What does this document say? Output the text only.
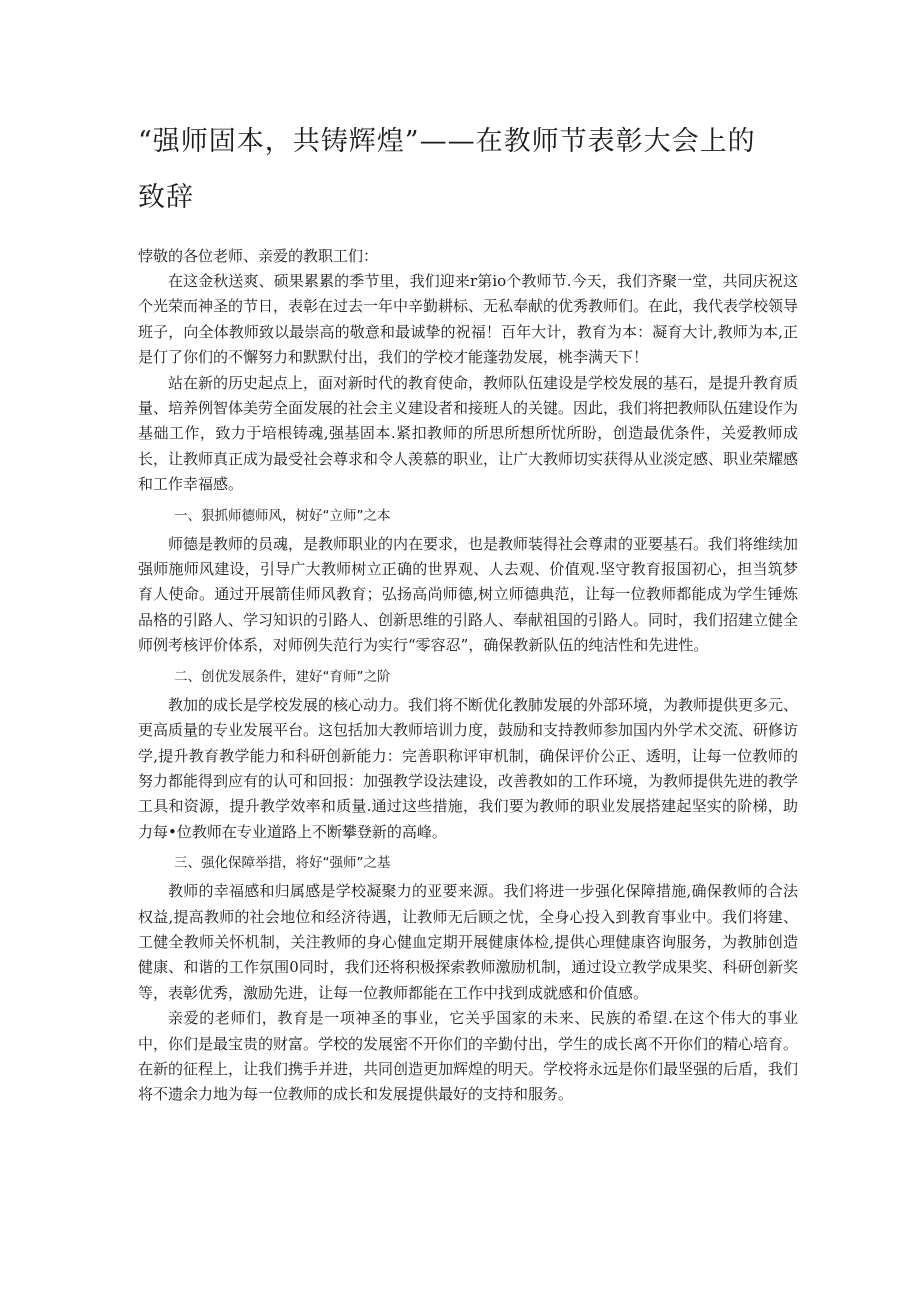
“强师固本，共铸辉煌”——在教师节表彰大会上的
致辞

悖敬的各位老师、亲爱的教职工们：

在这金秋送爽、硕果累累的季节里，我们迎来r第io个教师节.今天，我们齐聚一堂，共同庆祝这个光荣而神圣的节日，表彰在过去一年中辛勤耕标、无私奉献的优秀教师们。在此，我代表学校领导班子，向全体教师致以最崇高的敬意和最诚挚的祝福！百年大计，教育为本：凝育大计,教师为本,正是仃了你们的不懈努力和默默付出，我们的学校才能蓬勃发展，桃李满天下！

站在新的历史起点上，面对新时代的教育使命，教师队伍建设是学校发展的基石，是提升教育质量、培养例智体美劳全面发展的社会主义建设者和接班人的关键。因此，我们将把教师队伍建设作为基础工作，致力于培根铸魂,强基固本.紧扣教师的所思所想所忧所盼，创造最优条件，关爱教师成长，让教师真正成为最受社会尊求和令人羡慕的职业，让广大教师切实获得从业淡定感、职业荣耀感和工作幸福感。

一、狠抓师德师风，树好“立师”之本

师德是教师的员魂，是教师职业的内在要求，也是教师装得社会尊肃的亚要基石。我们将维续加强师施师风建设，引导广大教师树立正确的世界观、人去观、价值观.坚守教育报国初心，担当筑梦育人使命。通过开展箭佳师风教育；弘扬高尚师德,树立师德典范，让每一位教师都能成为学生锤炼品格的引路人、学习知识的引路人、创新思维的引路人、奉献祖国的引路人。同时，我们招建立健全师例考核评价体系，对师例失范行为实行“零容忍”，确保教新队伍的纯洁性和先进性。

二、创优发展条件，建好“育师”之阶

教加的成长是学校发展的核心动力。我们将不断优化教肺发展的外部环境，为教师提供更多元、更高质量的专业发展平台。这包括加大教师培训力度，鼓励和支持教师参加国内外学术交流、研修访学,提升教育教学能力和科研创新能力：完善职称评审机制，确保评价公正、透明，让每一位教师的努力都能得到应有的认可和回报：加强教学设法建设，改善教如的工作环境，为教师提供先进的教学工具和资源，提升教学效率和质量.通过这些措施，我们要为教师的职业发展搭建起坚实的阶梯，助力每•位教师在专业道路上不断攀登新的高峰。

三、强化保障举措，将好“强师”之基

教师的幸福感和归属感是学校凝聚力的亚要来源。我们将进一步强化保障措施,确保教师的合法权益,提高教师的社会地位和经济待遇，让教师无后顾之忧，全身心投入到教育事业中。我们将建、工健全教师关怀机制，关注教师的身心健血定期开展健康体检,提供心理健康咨询服务，为教肺创造健康、和谐的工作氛围0同时，我们还将积极探索教师激励机制，通过设立教学成果奖、科研创新奖等，表彰优秀，激励先进，让每一位教师都能在工作中找到成就感和价值感。

亲爱的老师们，教育是一项神圣的事业，它关乎国家的未来、民族的希望.在这个伟大的事业中，你们是最宝贵的财富。学校的发展密不开你们的辛勤付出，学生的成长离不开你们的精心培育。在新的征程上，让我们携手并进，共同创造更加辉煌的明天。学校将永远是你们最坚强的后盾，我们将不遗余力地为每一位教师的成长和发展提供最好的支持和服务。
